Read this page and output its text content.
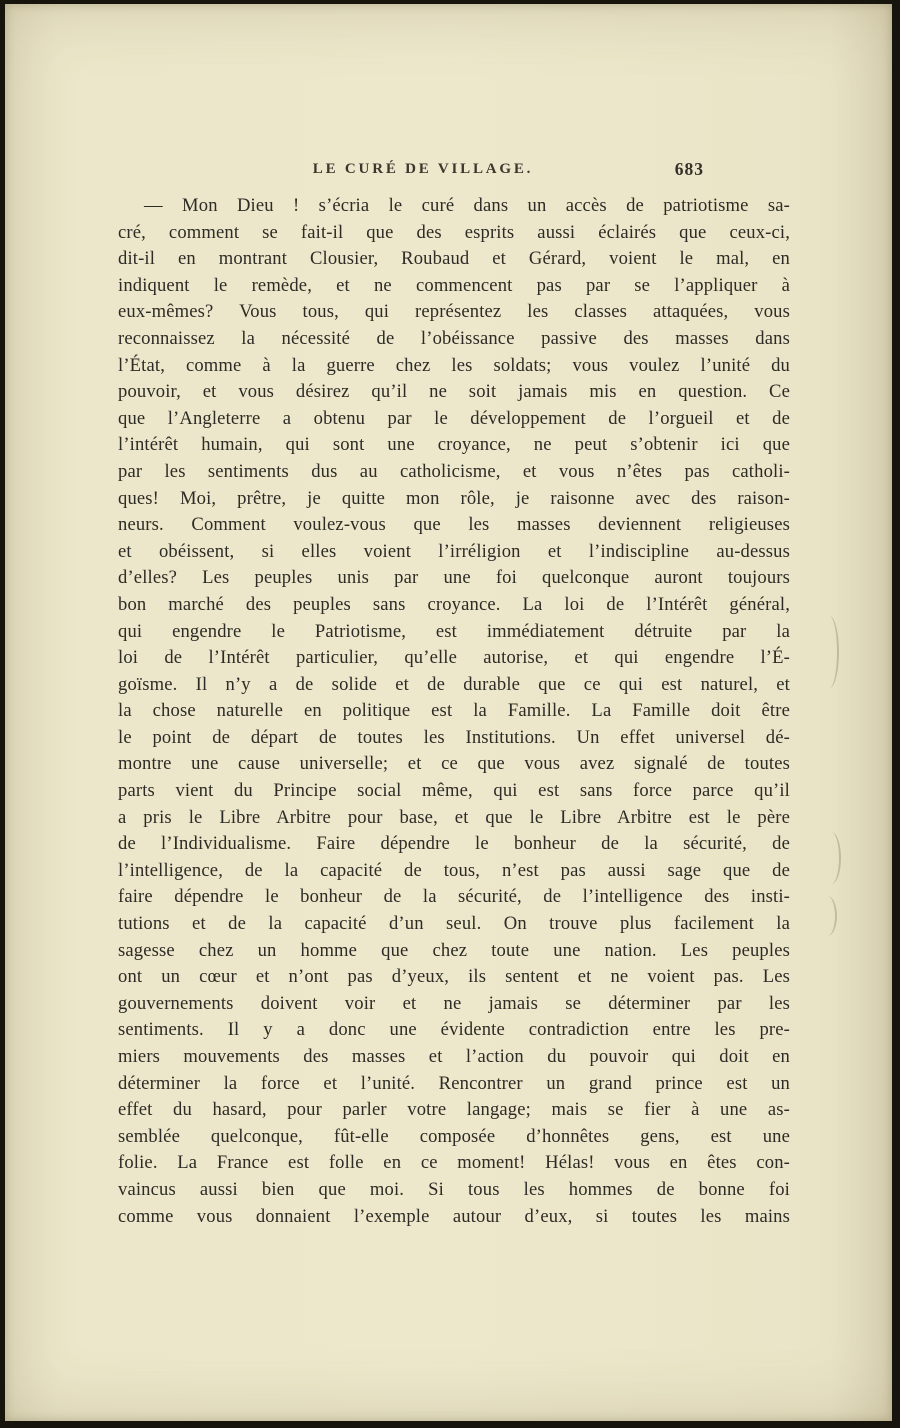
LE CURÉ DE VILLAGE.	683
— Mon Dieu ! s’écria le curé dans un accès de patriotisme sa-
cré, comment se fait-il que des esprits aussi éclairés que ceux-ci,
dit-il en montrant Clousier, Roubaud et Gérard, voient le mal, en
indiquent le remède, et ne commencent pas par se l’appliquer à
eux-mêmes? Vous tous, qui représentez les classes attaquées, vous
reconnaissez la nécessité de l’obéissance passive des masses dans
l’État, comme à la guerre chez les soldats; vous voulez l’unité du
pouvoir, et vous désirez qu’il ne soit jamais mis en question. Ce
que l’Angleterre a obtenu par le développement de l’orgueil et de
l’intérêt humain, qui sont une croyance, ne peut s’obtenir ici que
par les sentiments dus au catholicisme, et vous n’êtes pas catholi-
ques! Moi, prêtre, je quitte mon rôle, je raisonne avec des raison-
neurs. Comment voulez-vous que les masses deviennent religieuses
et obéissent, si elles voient l’irréligion et l’indiscipline au-dessus
d’elles? Les peuples unis par une foi quelconque auront toujours
bon marché des peuples sans croyance. La loi de l’Intérêt général,
qui engendre le Patriotisme, est immédiatement détruite par la
loi de l’Intérêt particulier, qu’elle autorise, et qui engendre l’É-
goïsme. Il n’y a de solide et de durable que ce qui est naturel, et
la chose naturelle en politique est la Famille. La Famille doit être
le point de départ de toutes les Institutions. Un effet universel dé-
montre une cause universelle; et ce que vous avez signalé de toutes
parts vient du Principe social même, qui est sans force parce qu’il
a pris le Libre Arbitre pour base, et que le Libre Arbitre est le père
de l’Individualisme. Faire dépendre le bonheur de la sécurité, de
l’intelligence, de la capacité de tous, n’est pas aussi sage que de
faire dépendre le bonheur de la sécurité, de l’intelligence des insti-
tutions et de la capacité d’un seul. On trouve plus facilement la
sagesse chez un homme que chez toute une nation. Les peuples
ont un cœur et n’ont pas d’yeux, ils sentent et ne voient pas. Les
gouvernements doivent voir et ne jamais se déterminer par les
sentiments. Il y a donc une évidente contradiction entre les pre-
miers mouvements des masses et l’action du pouvoir qui doit en
déterminer la force et l’unité. Rencontrer un grand prince est un
effet du hasard, pour parler votre langage; mais se fier à une as-
semblée quelconque, fût-elle composée d’honnêtes gens, est une
folie. La France est folle en ce moment! Hélas! vous en êtes con-
vaincus aussi bien que moi. Si tous les hommes de bonne foi
comme vous donnaient l’exemple autour d’eux, si toutes les mains
